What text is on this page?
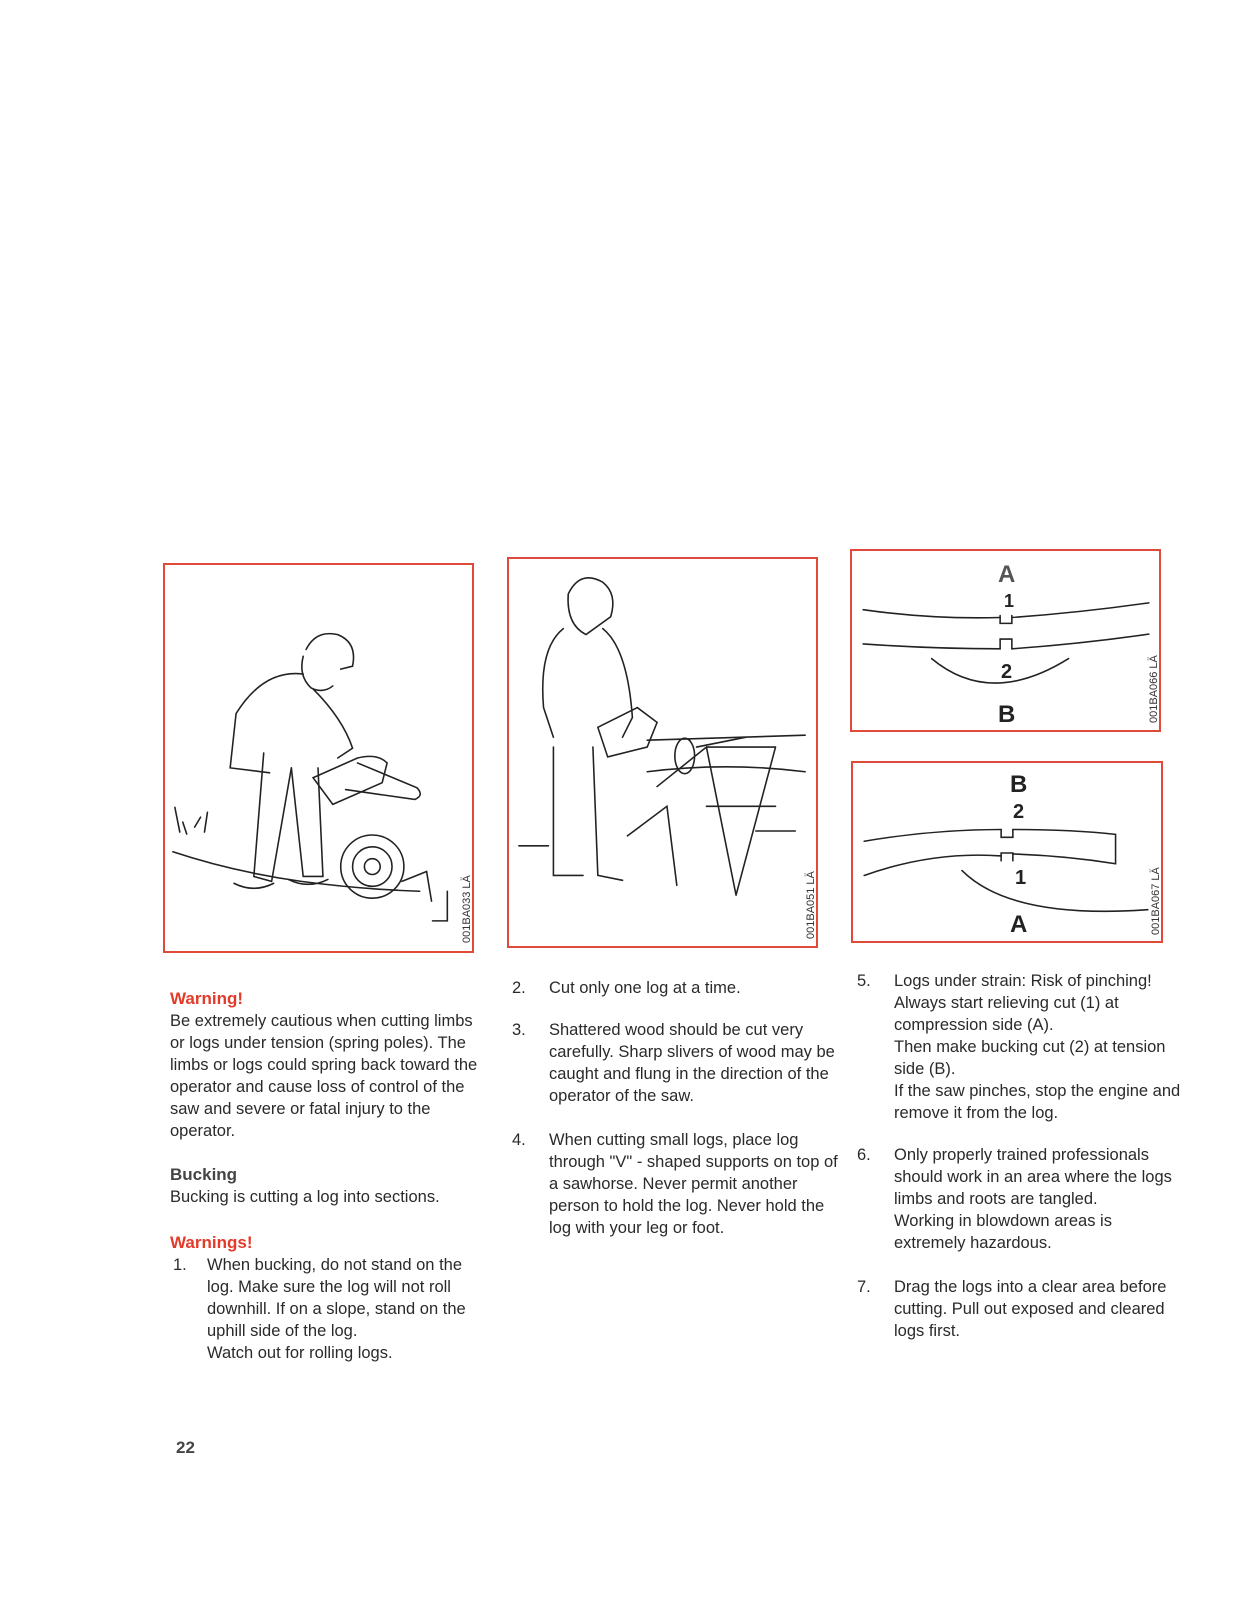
001BA033 LÄ	001BA051 LÄ
A
1
2
B	001BA066 LÄ
B
2
1
A	001BA067 LÄ
Warning!
Be extremely cautious when cutting limbs or logs under tension (spring poles). The limbs or logs could spring back toward the operator and cause loss of control of the saw and severe or fatal injury to the operator.
Bucking
Bucking is cutting a log into sections.
Warnings!
1. When bucking, do not stand on the log. Make sure the log will not roll downhill. If on a slope, stand on the uphill side of the log.
Watch out for rolling logs.
2. Cut only one log at a time.
3. Shattered wood should be cut very carefully. Sharp slivers of wood may be caught and flung in the direction of the operator of the saw.
4. When cutting small logs, place log through "V" - shaped supports on top of a sawhorse. Never permit another person to hold the log. Never hold the log with your leg or foot.
5. Logs under strain: Risk of pinching! Always start relieving cut (1) at compression side (A).
Then make bucking cut (2) at tension side (B).
If the saw pinches, stop the engine and remove it from the log.
6. Only properly trained professionals should work in an area where the logs limbs and roots are tangled.
Working in blowdown areas is extremely hazardous.
7. Drag the logs into a clear area before cutting. Pull out exposed and cleared logs first.
22
